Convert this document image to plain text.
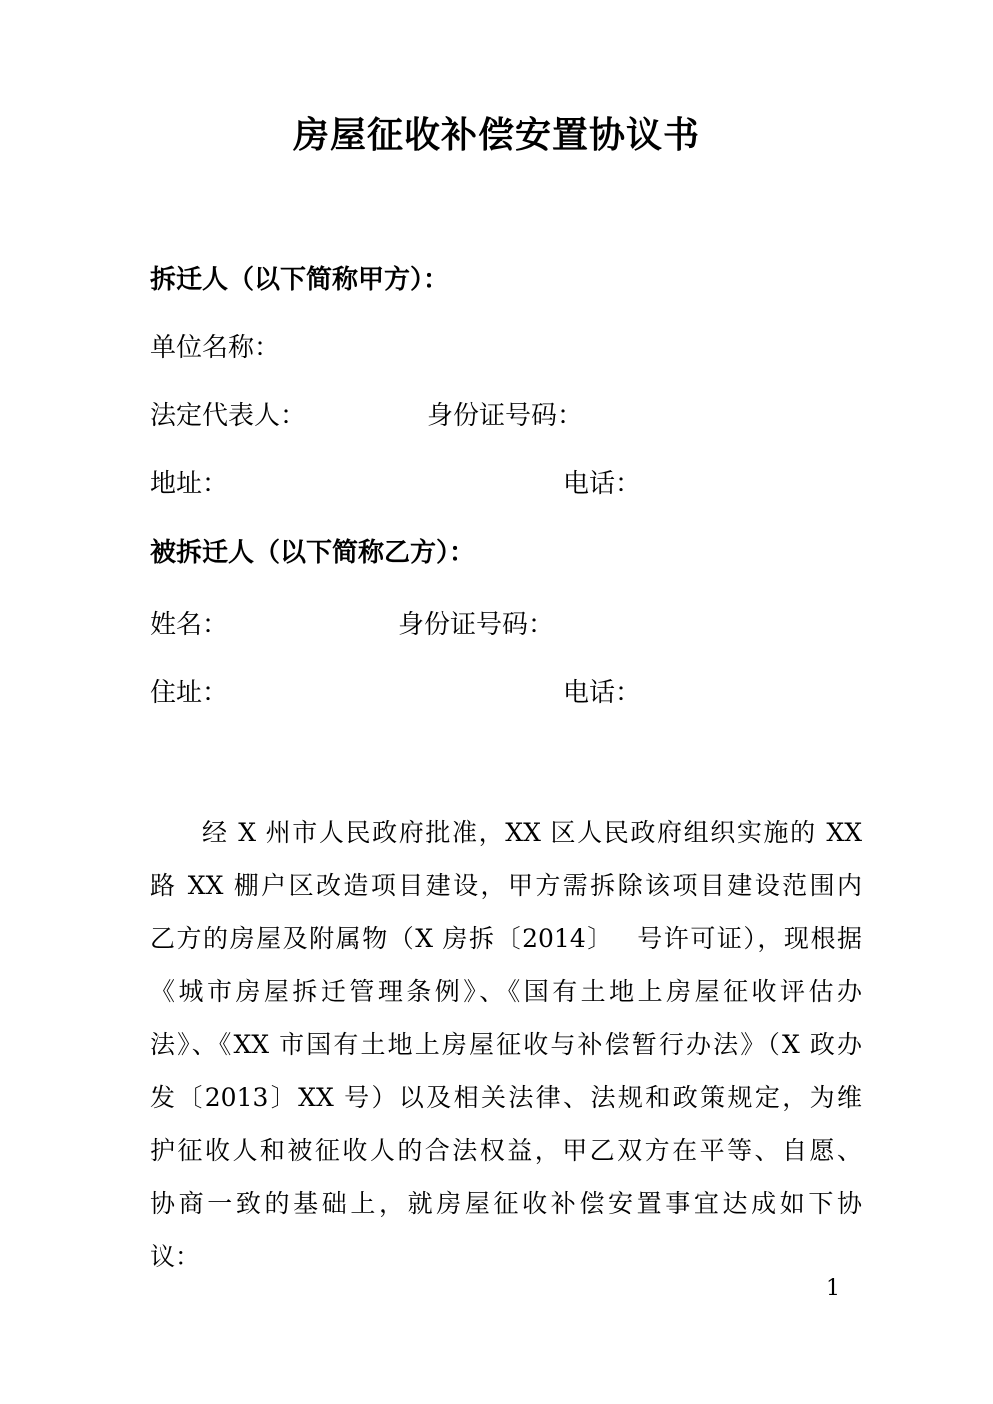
房屋征收补偿安置协议书
拆迁人（以下简称甲方）：
单位名称：
法定代表人：	身份证号码：
地址：	电话：
被拆迁人（以下简称乙方）：
姓名：	身份证号码：
住址：	电话：
经 X 州市人民政府批准，XX 区人民政府组织实施的 XX
路 XX 棚户区改造项目建设，甲方需拆除该项目建设范围内
乙方的房屋及附属物（X 房拆〔2014〕　 号许可证），现根据
《城市房屋拆迁管理条例》、《国有土地上房屋征收评估办
法》、《XX 市国有土地上房屋征收与补偿暂行办法》（X 政办
发〔2013〕XX 号）以及相关法律、法规和政策规定，为维
护征收人和被征收人的合法权益，甲乙双方在平等、自愿、
协商一致的基础上，就房屋征收补偿安置事宜达成如下协
议：
1
